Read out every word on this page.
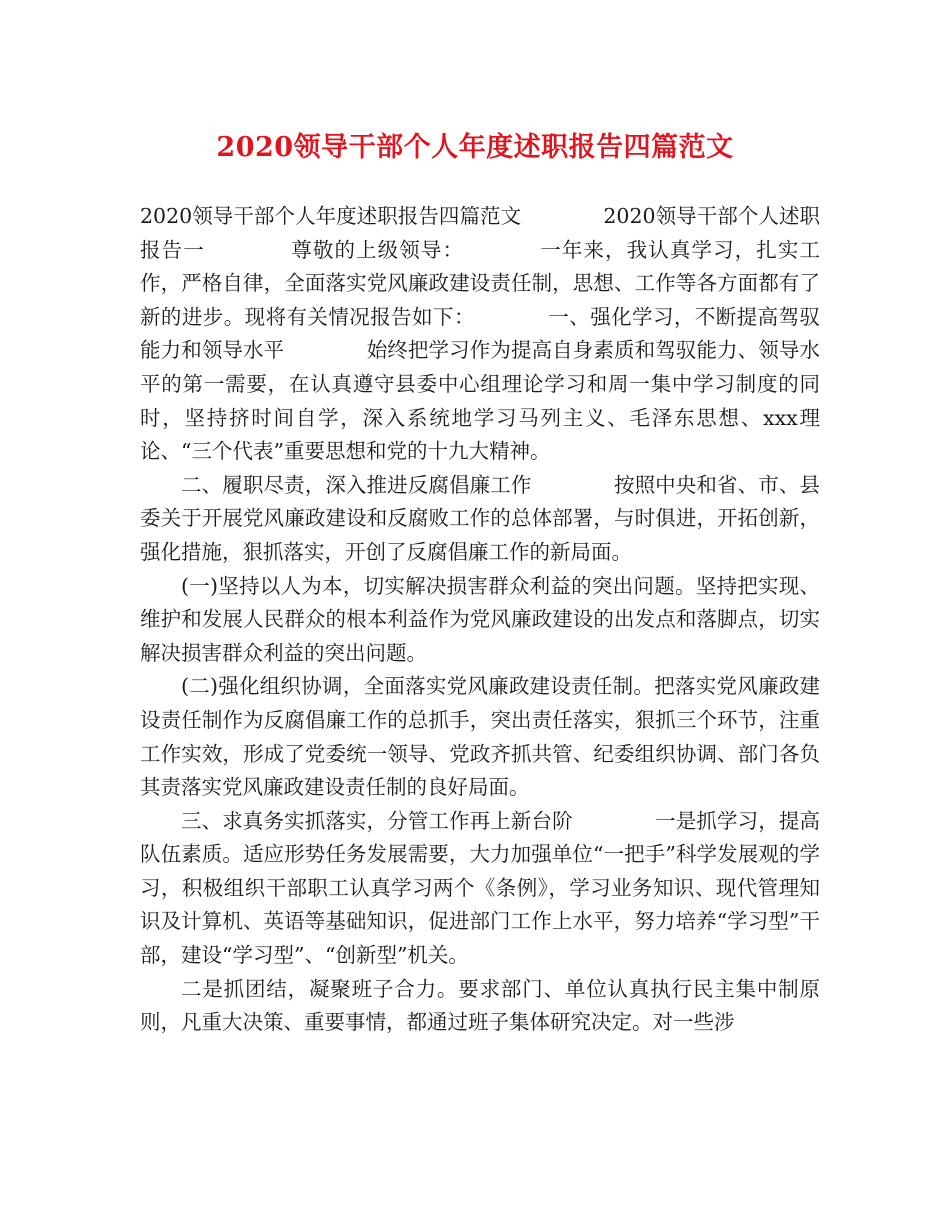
2020领导干部个人年度述职报告四篇范文

2020领导干部个人年度述职报告四篇范文　　　　2020领导干部个人述职报告一　　　　尊敬的上级领导：　　　　一年来，我认真学习，扎实工作，严格自律，全面落实党风廉政建设责任制，思想、工作等各方面都有了新的进步。现将有关情况报告如下：　　　　一、强化学习，不断提高驾驭能力和领导水平　　　　始终把学习作为提高自身素质和驾驭能力、领导水平的第一需要，在认真遵守县委中心组理论学习和周一集中学习制度的同时，坚持挤时间自学，深入系统地学习马列主义、毛泽东思想、xxx理论、“三个代表”重要思想和党的十九大精神。

二、履职尽责，深入推进反腐倡廉工作　　　　按照中央和省、市、县委关于开展党风廉政建设和反腐败工作的总体部署，与时俱进，开拓创新，强化措施，狠抓落实，开创了反腐倡廉工作的新局面。

(一)坚持以人为本，切实解决损害群众利益的突出问题。坚持把实现、维护和发展人民群众的根本利益作为党风廉政建设的出发点和落脚点，切实解决损害群众利益的突出问题。

(二)强化组织协调，全面落实党风廉政建设责任制。把落实党风廉政建设责任制作为反腐倡廉工作的总抓手，突出责任落实，狠抓三个环节，注重工作实效，形成了党委统一领导、党政齐抓共管、纪委组织协调、部门各负其责落实党风廉政建设责任制的良好局面。

三、求真务实抓落实，分管工作再上新台阶　　　　一是抓学习，提高队伍素质。适应形势任务发展需要，大力加强单位“一把手”科学发展观的学习，积极组织干部职工认真学习两个《条例》，学习业务知识、现代管理知识及计算机、英语等基础知识，促进部门工作上水平，努力培养“学习型”干部，建设“学习型”、“创新型”机关。

二是抓团结，凝聚班子合力。要求部门、单位认真执行民主集中制原则，凡重大决策、重要事情，都通过班子集体研究决定。对一些涉
